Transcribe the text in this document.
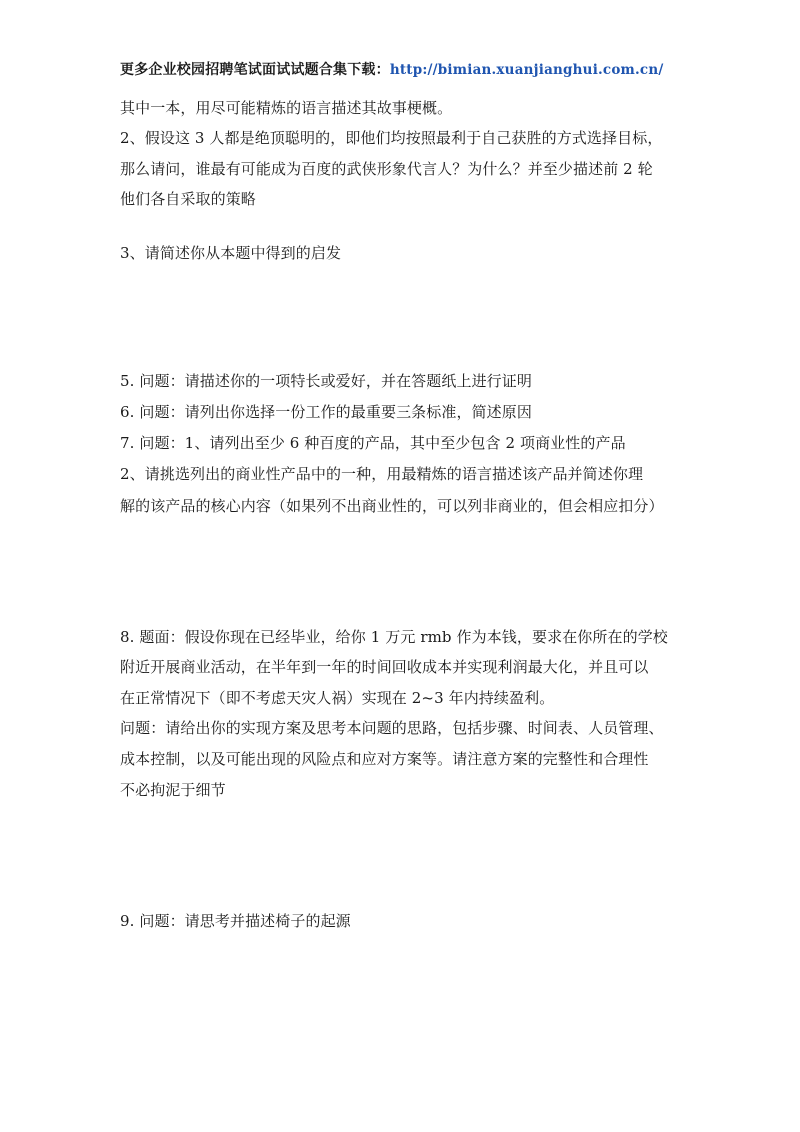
更多企业校园招聘笔试面试试题合集下载：http://bimian.xuanjianghui.com.cn/
其中一本，用尽可能精炼的语言描述其故事梗概。
2、假设这 3 人都是绝顶聪明的，即他们均按照最利于自己获胜的方式选择目标，
那么请问，谁最有可能成为百度的武侠形象代言人？为什么？并至少描述前 2 轮
他们各自采取的策略
3、请简述你从本题中得到的启发
5. 问题：请描述你的一项特长或爱好，并在答题纸上进行证明
6. 问题：请列出你选择一份工作的最重要三条标准，简述原因
7. 问题：1、请列出至少 6 种百度的产品，其中至少包含 2 项商业性的产品
2、请挑选列出的商业性产品中的一种，用最精炼的语言描述该产品并简述你理
解的该产品的核心内容（如果列不出商业性的，可以列非商业的，但会相应扣分）
8. 题面：假设你现在已经毕业，给你 1 万元 rmb 作为本钱，要求在你所在的学校
附近开展商业活动，在半年到一年的时间回收成本并实现利润最大化，并且可以
在正常情况下（即不考虑天灾人祸）实现在 2~3 年内持续盈利。
问题：请给出你的实现方案及思考本问题的思路，包括步骤、时间表、人员管理、
成本控制，以及可能出现的风险点和应对方案等。请注意方案的完整性和合理性
不必拘泥于细节
9. 问题：请思考并描述椅子的起源
